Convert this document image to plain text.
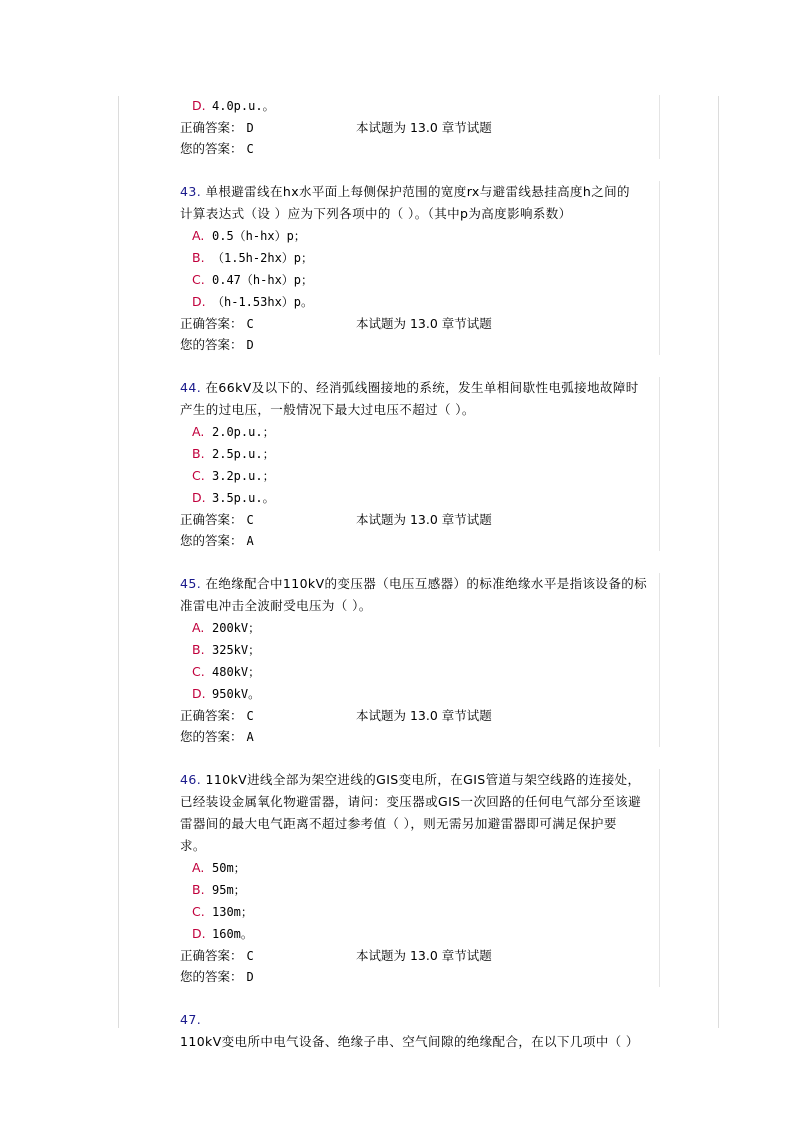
D. 4.0p.u.。
正确答案： D	本试题为 13.0 章节试题
您的答案： C
43. 单根避雷线在hx水平面上每侧保护范围的宽度rx与避雷线悬挂高度h之间的
计算表达式（设 ）应为下列各项中的（ ）。（其中p为高度影响系数）
A. 0.5（h-hx）p；
B. （1.5h-2hx）p；
C. 0.47（h-hx）p；
D. （h-1.53hx）p。
正确答案： C	本试题为 13.0 章节试题
您的答案： D
44. 在66kV及以下的、经消弧线圈接地的系统，发生单相间歇性电弧接地故障时
产生的过电压，一般情况下最大过电压不超过（ ）。
A. 2.0p.u.；
B. 2.5p.u.；
C. 3.2p.u.；
D. 3.5p.u.。
正确答案： C	本试题为 13.0 章节试题
您的答案： A
45. 在绝缘配合中110kV的变压器（电压互感器）的标准绝缘水平是指该设备的标
准雷电冲击全波耐受电压为（ ）。
A. 200kV；
B. 325kV；
C. 480kV；
D. 950kV。
正确答案： C	本试题为 13.0 章节试题
您的答案： A
46. 110kV进线全部为架空进线的GIS变电所，在GIS管道与架空线路的连接处，
已经装设金属氧化物避雷器，请问：变压器或GIS一次回路的任何电气部分至该避
雷器间的最大电气距离不超过参考值（ ），则无需另加避雷器即可满足保护要
求。
A. 50m；
B. 95m；
C. 130m；
D. 160m。
正确答案： C	本试题为 13.0 章节试题
您的答案： D
47. 110kV变电所中电气设备、绝缘子串、空气间隙的绝缘配合，在以下几项中（ ）
